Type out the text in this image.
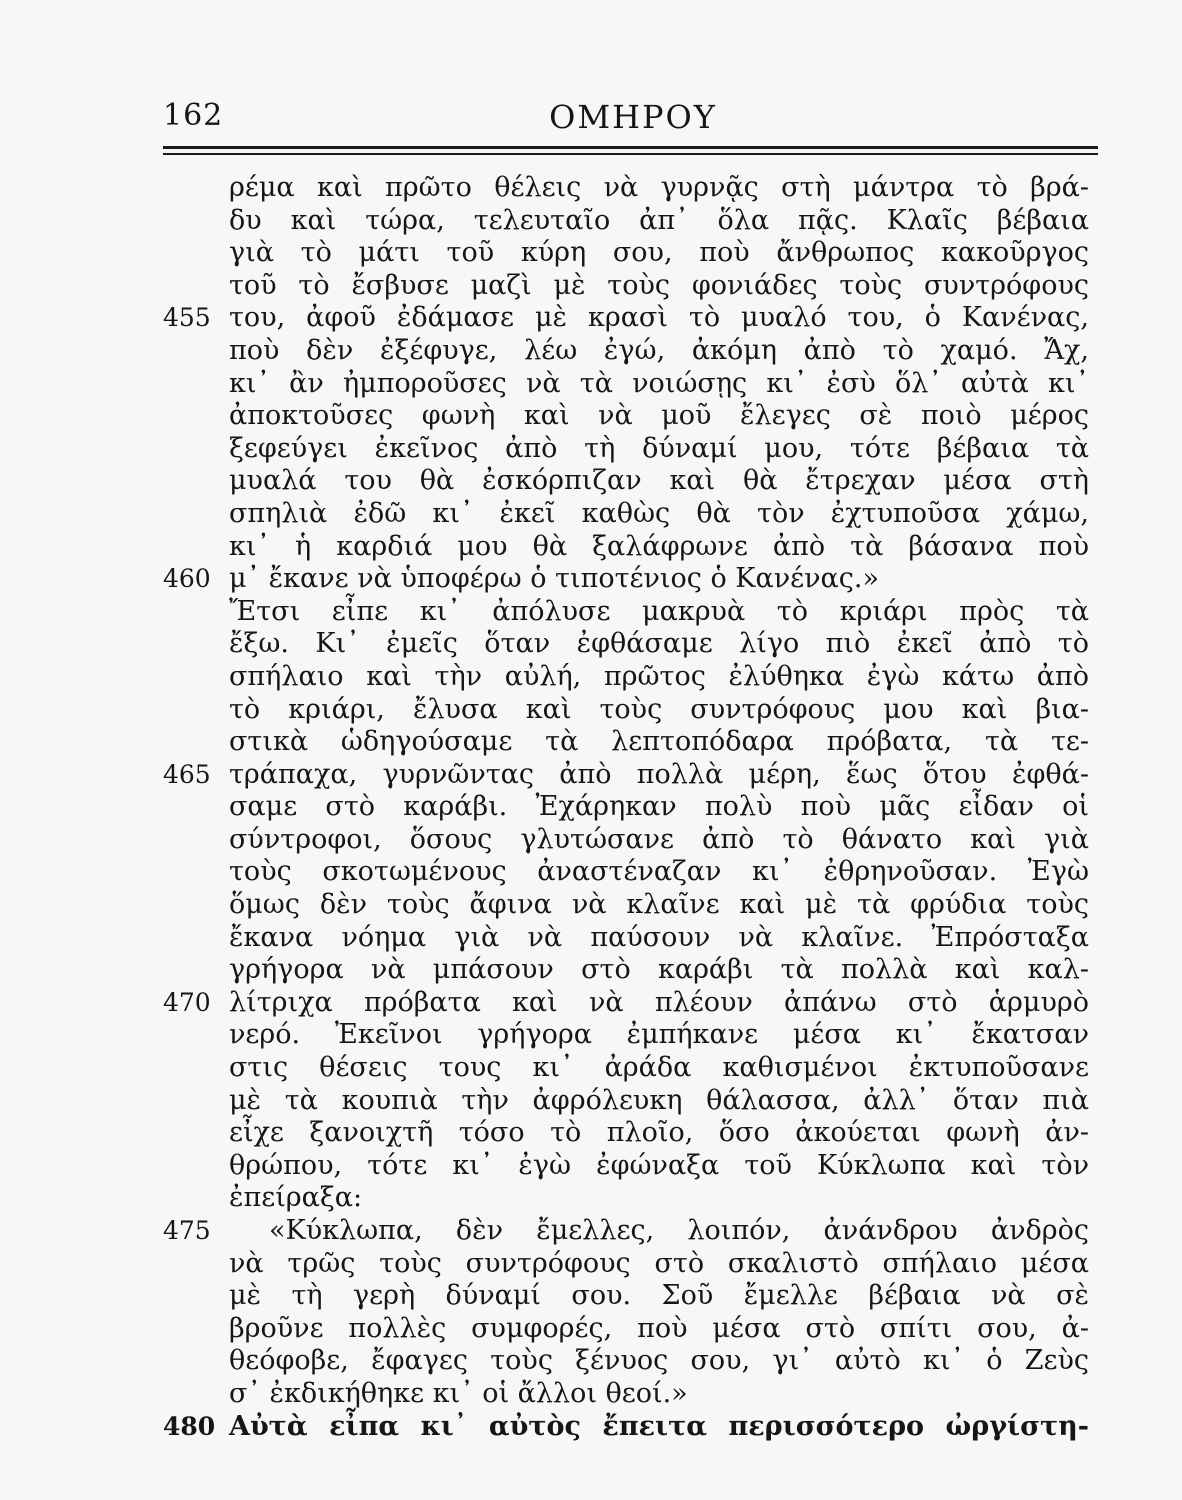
162	ΟΜΗΡΟΥ
ρέμα καὶ πρῶτο θέλεις νὰ γυρνᾷς στὴ μάντρα τὸ βρά-
δυ καὶ τώρα, τελευταῖο ἀπ᾽ ὅλα πᾷς. Κλαῖς βέβαια
γιὰ τὸ μάτι τοῦ κύρη σου, ποὺ ἄνθρωπος κακοῦργος
τοῦ τὸ ἔσβυσε μαζὶ μὲ τοὺς φονιάδες τοὺς συντρόφους
455 του, ἀφοῦ ἐδάμασε μὲ κρασὶ τὸ μυαλό του, ὁ Κανένας,
ποὺ δὲν ἐξέφυγε, λέω ἐγώ, ἀκόμη ἀπὸ τὸ χαμό. Ἄχ,
κι᾽ ἂν ἠμποροῦσες νὰ τὰ νοιώσῃς κι᾽ ἐσὺ ὅλ᾽ αὐτὰ κι᾽
ἀποκτοῦσες φωνὴ καὶ νὰ μοῦ ἔλεγες σὲ ποιὸ μέρος
ξεφεύγει ἐκεῖνος ἀπὸ τὴ δύναμί μου, τότε βέβαια τὰ
μυαλά του θὰ ἐσκόρπιζαν καὶ θὰ ἔτρεχαν μέσα στὴ
σπηλιὰ ἐδῶ κι᾽ ἐκεῖ καθὼς θὰ τὸν ἐχτυποῦσα χάμω,
κι᾽ ἡ καρδιά μου θὰ ξαλάφρωνε ἀπὸ τὰ βάσανα ποὺ
460 μ᾽ ἔκανε νὰ ὑποφέρω ὁ τιποτένιος ὁ Κανένας.»
Ἔτσι εἶπε κι᾽ ἀπόλυσε μακρυὰ τὸ κριάρι πρὸς τὰ
ἔξω. Κι᾽ ἐμεῖς ὅταν ἐφθάσαμε λίγο πιὸ ἐκεῖ ἀπὸ τὸ
σπήλαιο καὶ τὴν αὐλή, πρῶτος ἐλύθηκα ἐγὼ κάτω ἀπὸ
τὸ κριάρι, ἔλυσα καὶ τοὺς συντρόφους μου καὶ βια-
στικὰ ὡδηγούσαμε τὰ λεπτοπόδαρα πρόβατα, τὰ τε-
465 τράπαχα, γυρνῶντας ἀπὸ πολλὰ μέρη, ἕως ὅτου ἐφθά-
σαμε στὸ καράβι. Ἐχάρηκαν πολὺ ποὺ μᾶς εἶδαν οἱ
σύντροφοι, ὅσους γλυτώσανε ἀπὸ τὸ θάνατο καὶ γιὰ
τοὺς σκοτωμένους ἀναστέναζαν κι᾽ ἐθρηνοῦσαν. Ἐγὼ
ὅμως δὲν τοὺς ἄφινα νὰ κλαῖνε καὶ μὲ τὰ φρύδια τοὺς
ἔκανα νόημα γιὰ νὰ παύσουν νὰ κλαῖνε. Ἐπρόσταξα
γρήγορα νὰ μπάσουν στὸ καράβι τὰ πολλὰ καὶ καλ-
470 λίτριχα πρόβατα καὶ νὰ πλέουν ἀπάνω στὸ ἁρμυρὸ
νερό. Ἐκεῖνοι γρήγορα ἐμπήκανε μέσα κι᾽ ἔκατσαν
στις θέσεις τους κι᾽ ἀράδα καθισμένοι ἐκτυποῦσανε
μὲ τὰ κουπιὰ τὴν ἀφρόλευκη θάλασσα, ἀλλ᾽ ὅταν πιὰ
εἶχε ξανοιχτῆ τόσο τὸ πλοῖο, ὅσο ἀκούεται φωνὴ ἀν-
θρώπου, τότε κι᾽ ἐγὼ ἐφώναξα τοῦ Κύκλωπα καὶ τὸν
ἐπείραξα:
475	«Κύκλωπα, δὲν ἔμελλες, λοιπόν, ἀνάνδρου ἀνδρὸς
νὰ τρῶς τοὺς συντρόφους στὸ σκαλιστὸ σπήλαιο μέσα
μὲ τὴ γερὴ δύναμί σου. Σοῦ ἔμελλε βέβαια νὰ σὲ
βροῦνε πολλὲς συμφορές, ποὺ μέσα στὸ σπίτι σου, ἀ-
θεόφοβε, ἔφαγες τοὺς ξένυος σου, γι᾽ αὐτὸ κι᾽ ὁ Ζεὺς
σ᾽ ἐκδικήθηκε κι᾽ οἱ ἄλλοι θεοί.»
480 Αὐτὰ εἶπα κι᾽ αὐτὸς ἔπειτα περισσότερο ὠργίστη-
